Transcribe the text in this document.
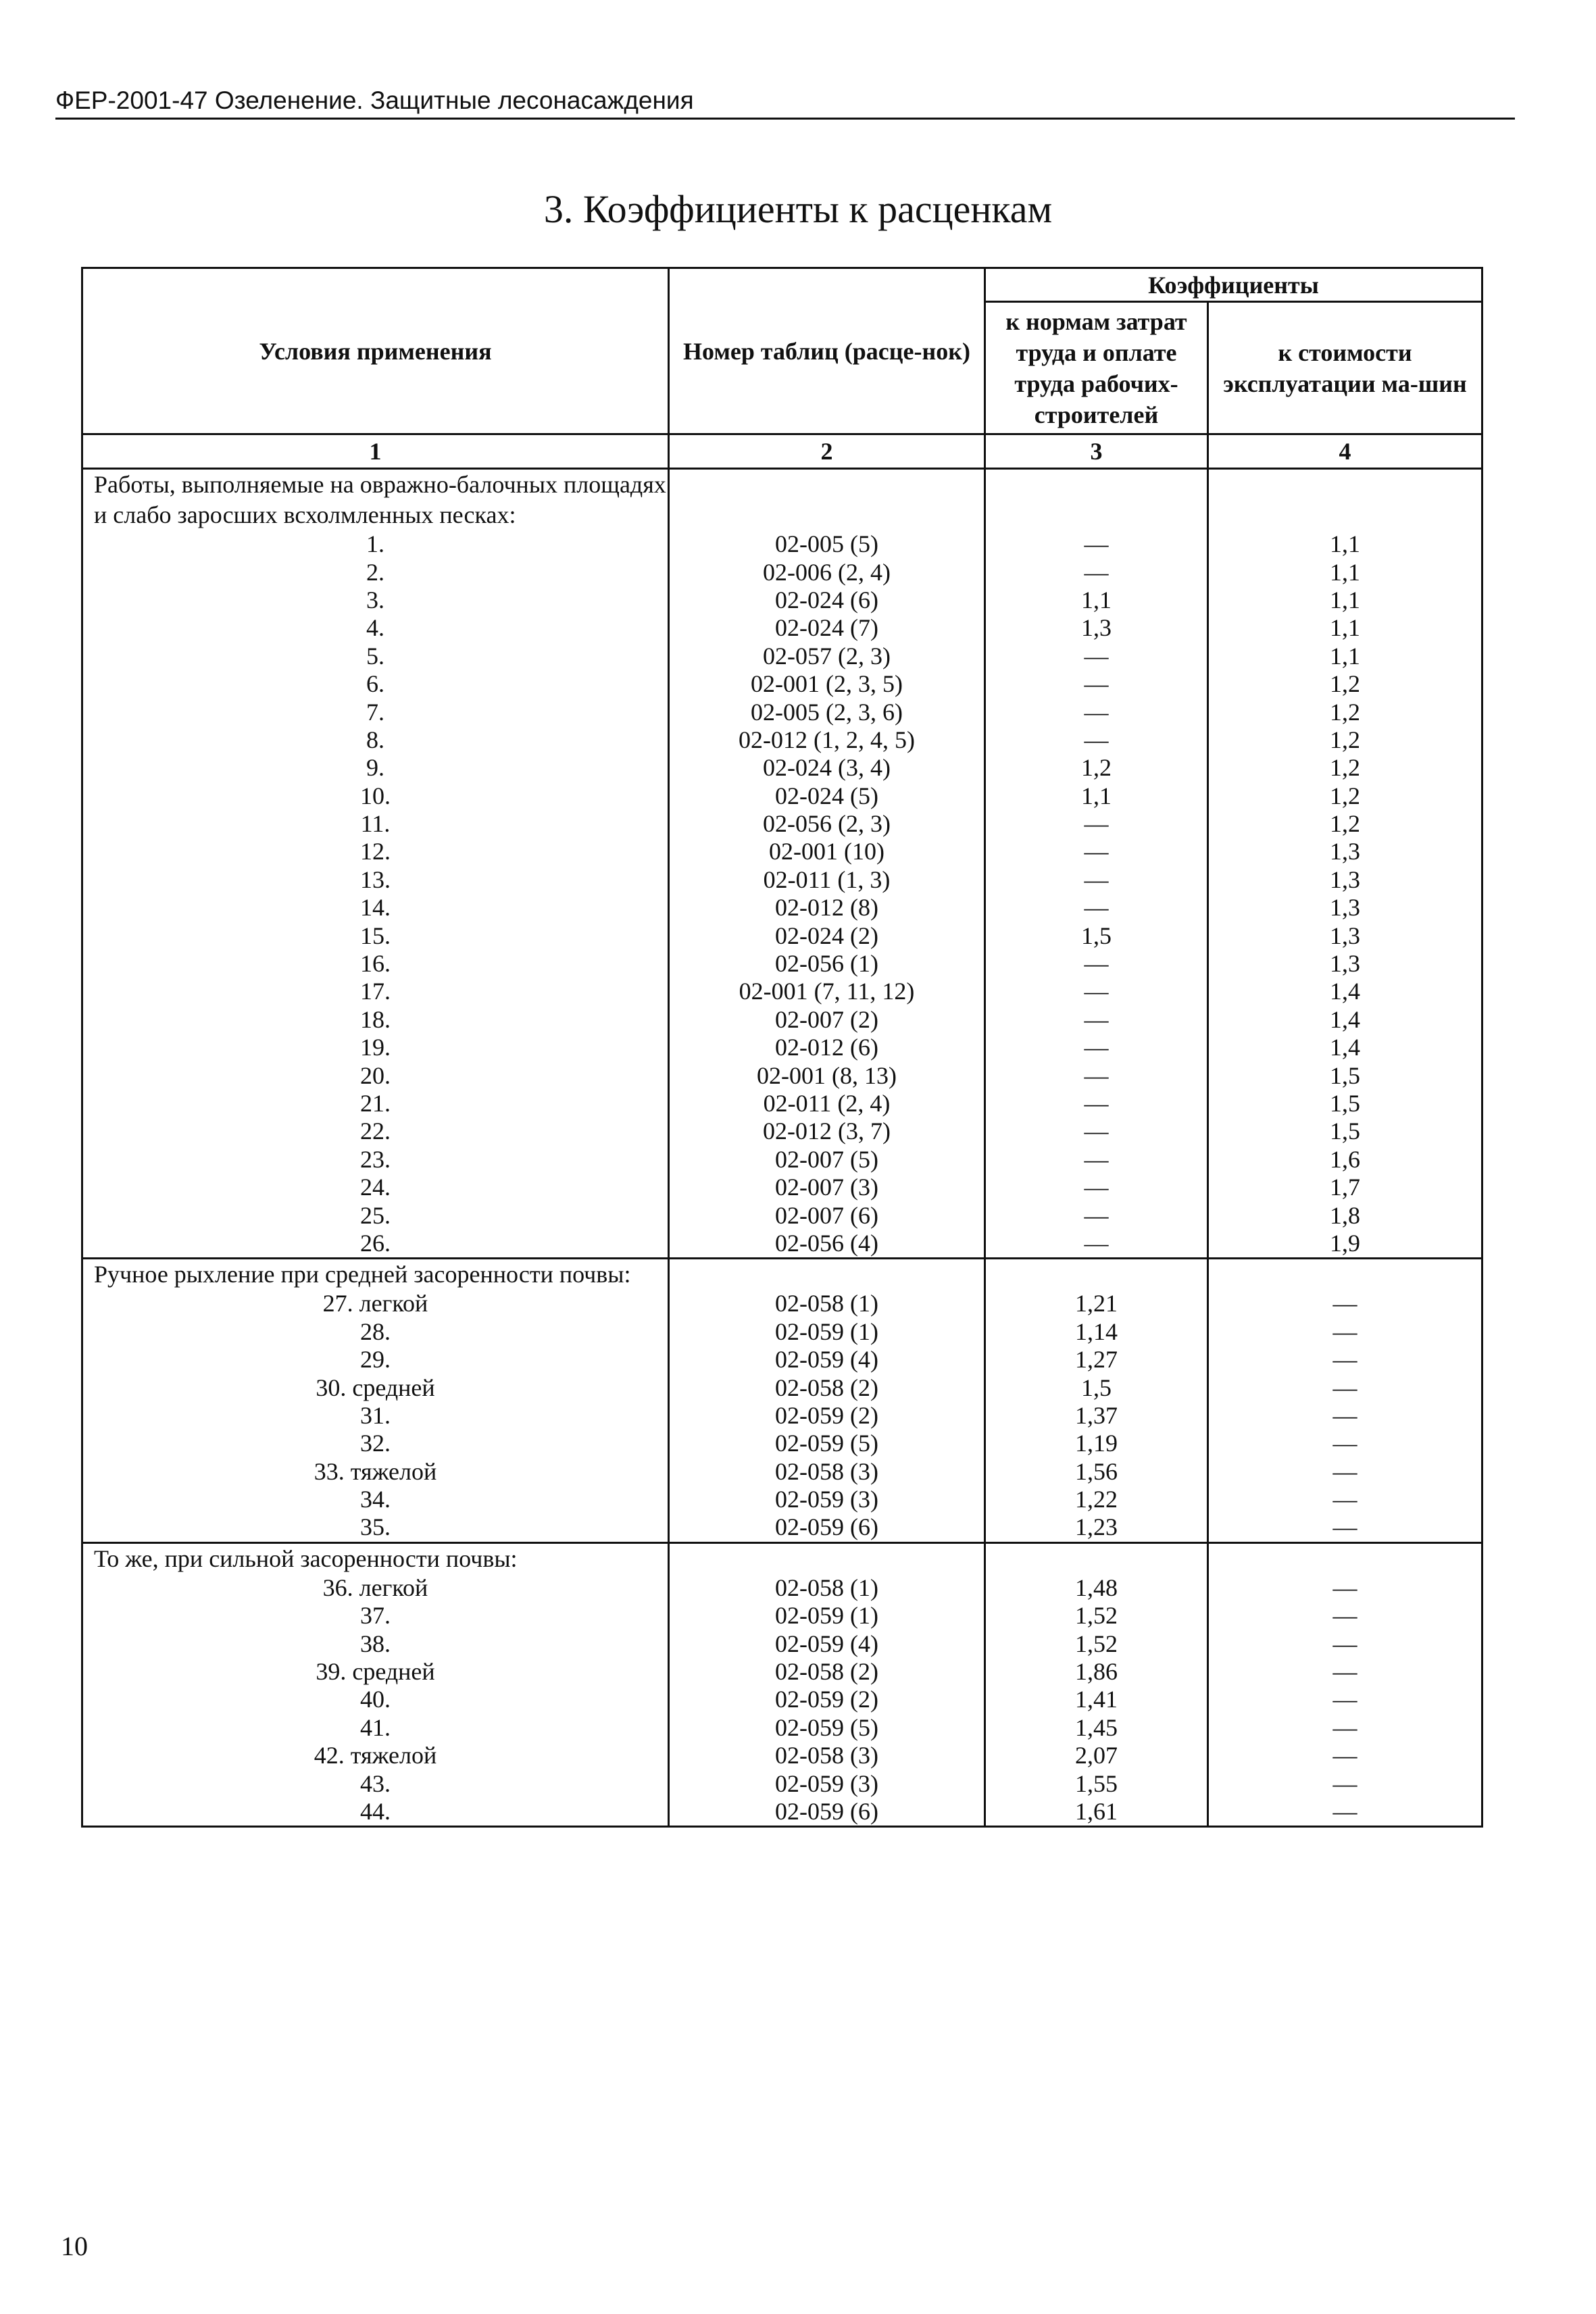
ФЕР-2001-47 Озеленение. Защитные лесонасаждения
3. Коэффициенты к расценкам
Условия применения	Номер таблиц (расце-нок)	Коэффициенты	
		к нормам затрат труда и оплате труда рабочих-строителей	к стоимости эксплуатации ма-шин
1	2	3	4
Работы, выполняемые на овражно-балочных площадях и слабо заросших всхолмленных песках:			
1.	02-005 (5)	—	1,1
2.	02-006 (2, 4)	—	1,1
3.	02-024 (6)	1,1	1,1
4.	02-024 (7)	1,3	1,1
5.	02-057 (2, 3)	—	1,1
6.	02-001 (2, 3, 5)	—	1,2
7.	02-005 (2, 3, 6)	—	1,2
8.	02-012 (1, 2, 4, 5)	—	1,2
9.	02-024 (3, 4)	1,2	1,2
10.	02-024 (5)	1,1	1,2
11.	02-056 (2, 3)	—	1,2
12.	02-001 (10)	—	1,3
13.	02-011 (1, 3)	—	1,3
14.	02-012 (8)	—	1,3
15.	02-024 (2)	1,5	1,3
16.	02-056 (1)	—	1,3
17.	02-001 (7, 11, 12)	—	1,4
18.	02-007 (2)	—	1,4
19.	02-012 (6)	—	1,4
20.	02-001 (8, 13)	—	1,5
21.	02-011 (2, 4)	—	1,5
22.	02-012 (3, 7)	—	1,5
23.	02-007 (5)	—	1,6
24.	02-007 (3)	—	1,7
25.	02-007 (6)	—	1,8
26.	02-056 (4)	—	1,9
Ручное рыхление при средней засоренности почвы:			
27. легкой	02-058 (1)	1,21	—
28.	02-059 (1)	1,14	—
29.	02-059 (4)	1,27	—
30. средней	02-058 (2)	1,5	—
31.	02-059 (2)	1,37	—
32.	02-059 (5)	1,19	—
33. тяжелой	02-058 (3)	1,56	—
34.	02-059 (3)	1,22	—
35.	02-059 (6)	1,23	—
То же, при сильной засоренности почвы:			
36. легкой	02-058 (1)	1,48	—
37.	02-059 (1)	1,52	—
38.	02-059 (4)	1,52	—
39. средней	02-058 (2)	1,86	—
40.	02-059 (2)	1,41	—
41.	02-059 (5)	1,45	—
42. тяжелой	02-058 (3)	2,07	—
43.	02-059 (3)	1,55	—
44.	02-059 (6)	1,61	—
10
